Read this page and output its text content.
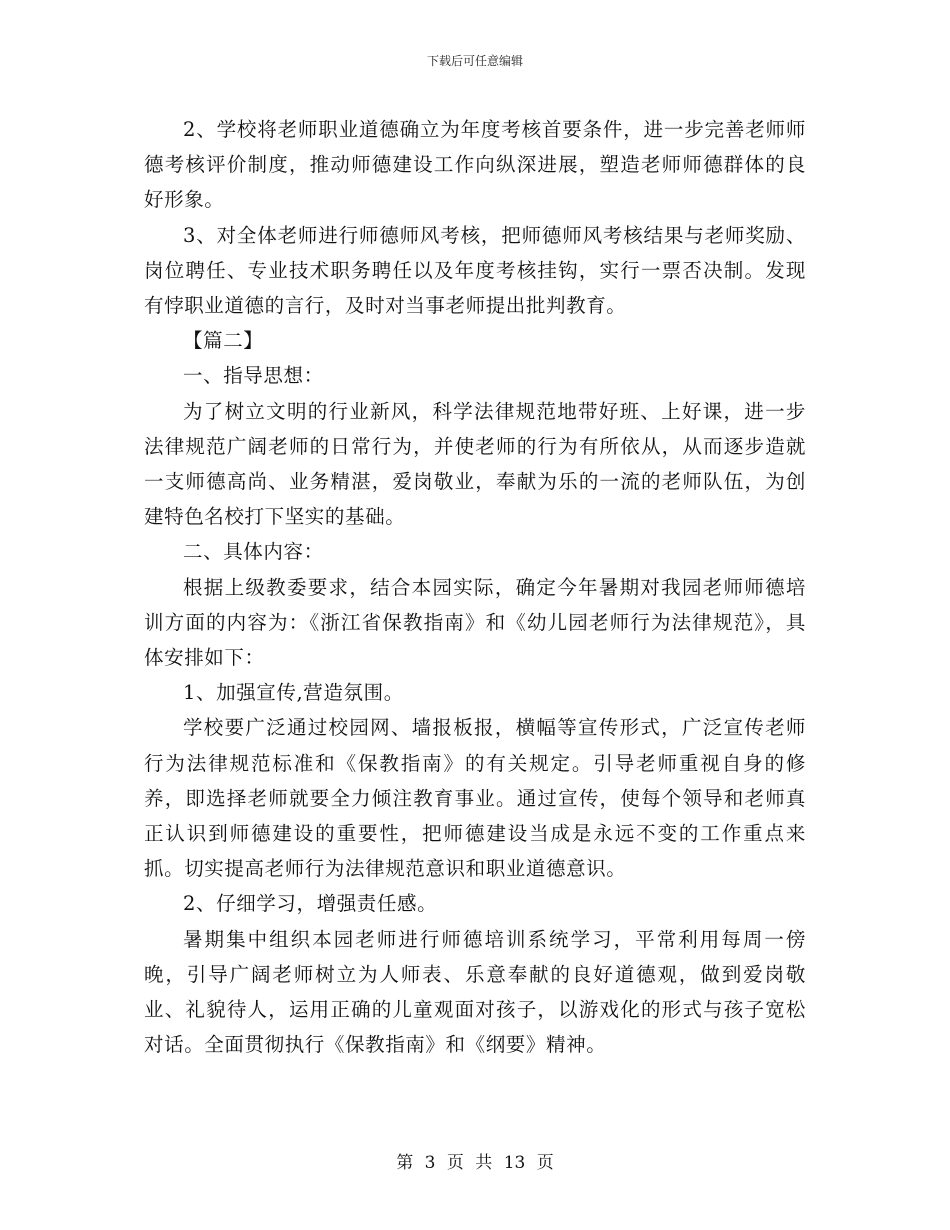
下载后可任意编辑

2、学校将老师职业道德确立为年度考核首要条件，进一步完善老师师德考核评价制度，推动师德建设工作向纵深进展，塑造老师师德群体的良好形象。

3、对全体老师进行师德师风考核，把师德师风考核结果与老师奖励、岗位聘任、专业技术职务聘任以及年度考核挂钩，实行一票否决制。发现有悖职业道德的言行，及时对当事老师提出批判教育。

【篇二】

一、指导思想：

为了树立文明的行业新风，科学法律规范地带好班、上好课，进一步法律规范广阔老师的日常行为，并使老师的行为有所依从，从而逐步造就一支师德高尚、业务精湛，爱岗敬业，奉献为乐的一流的老师队伍，为创建特色名校打下坚实的基础。

二、具体内容：

根据上级教委要求，结合本园实际，确定今年暑期对我园老师师德培训方面的内容为：《浙江省保教指南》和《幼儿园老师行为法律规范》，具体安排如下：

1、加强宣传,营造氛围。

学校要广泛通过校园网、墙报板报，横幅等宣传形式，广泛宣传老师行为法律规范标准和《保教指南》的有关规定。引导老师重视自身的修养，即选择老师就要全力倾注教育事业。通过宣传，使每个领导和老师真正认识到师德建设的重要性，把师德建设当成是永远不变的工作重点来抓。切实提高老师行为法律规范意识和职业道德意识。

2、仔细学习，增强责任感。

暑期集中组织本园老师进行师德培训系统学习，平常利用每周一傍晚，引导广阔老师树立为人师表、乐意奉献的良好道德观，做到爱岗敬业、礼貌待人，运用正确的儿童观面对孩子，以游戏化的形式与孩子宽松对话。全面贯彻执行《保教指南》和《纲要》精神。

第 3 页 共 13 页
